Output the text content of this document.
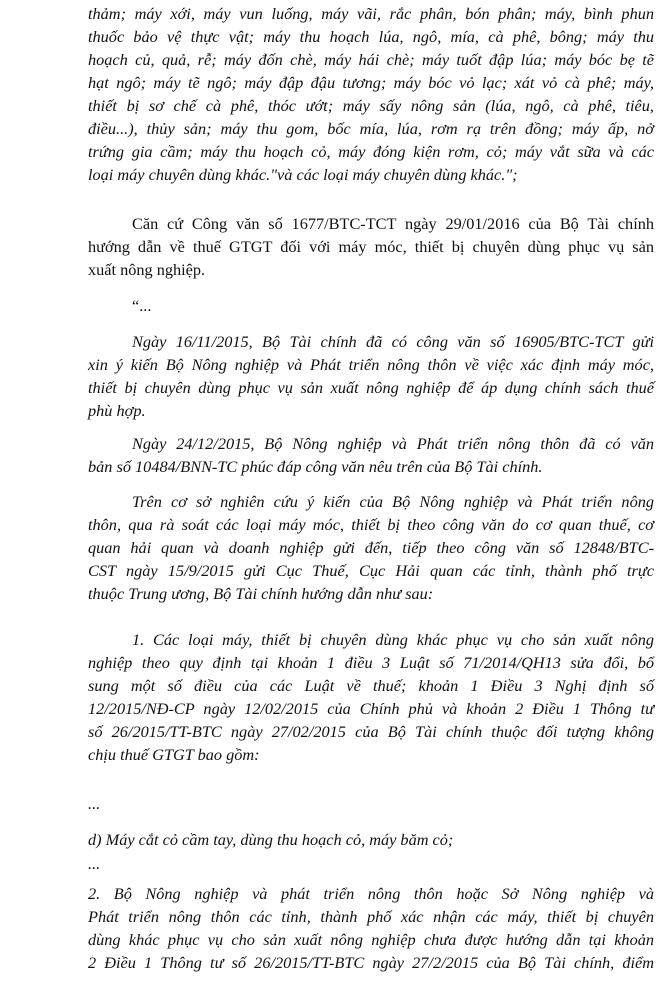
thảm; máy xới, máy vun luống, máy vãi, rắc phân, bón phân; máy, bình phun
thuốc bảo vệ thực vật; máy thu hoạch lúa, ngô, mía, cà phê, bông; máy thu
hoạch củ, quả, rễ; máy đốn chè, máy hái chè; máy tuốt đập lúa; máy bóc bẹ tẽ
hạt ngô; máy tẽ ngô; máy đập đậu tương; máy bóc vỏ lạc; xát vỏ cà phê; máy,
thiết bị sơ chế cà phê, thóc ướt; máy sấy nông sản (lúa, ngô, cà phê, tiêu,
điều...), thủy sản; máy thu gom, bốc mía, lúa, rơm rạ trên đồng; máy ấp, nở
trứng gia cầm; máy thu hoạch cỏ, máy đóng kiện rơm, cỏ; máy vắt sữa và các
loại máy chuyên dùng khác."và các loại máy chuyên dùng khác.";
Căn cứ Công văn số 1677/BTC-TCT ngày 29/01/2016 của Bộ Tài chính
hướng dẫn về thuế GTGT đối với máy móc, thiết bị chuyên dùng phục vụ sản
xuất nông nghiệp.
“...
Ngày 16/11/2015, Bộ Tài chính đã có công văn số 16905/BTC-TCT gửi
xin ý kiến Bộ Nông nghiệp và Phát triển nông thôn về việc xác định máy móc,
thiết bị chuyên dùng phục vụ sản xuất nông nghiệp để áp dụng chính sách thuế
phù hợp.
Ngày 24/12/2015, Bộ Nông nghiệp và Phát triển nông thôn đã có văn
bản số 10484/BNN-TC phúc đáp công văn nêu trên của Bộ Tài chính.
Trên cơ sở nghiên cứu ý kiến của Bộ Nông nghiệp và Phát triển nông
thôn, qua rà soát các loại máy móc, thiết bị theo công văn do cơ quan thuế, cơ
quan hải quan và doanh nghiệp gửi đến, tiếp theo công văn số 12848/BTC-
CST ngày 15/9/2015 gửi Cục Thuế, Cục Hải quan các tỉnh, thành phố trực
thuộc Trung ương, Bộ Tài chính hướng dẫn như sau:
1. Các loại máy, thiết bị chuyên dùng khác phục vụ cho sản xuất nông
nghiệp theo quy định tại khoản 1 điều 3 Luật số 71/2014/QH13 sửa đổi, bổ
sung một số điều của các Luật về thuế; khoản 1 Điều 3 Nghị định số
12/2015/NĐ-CP ngày 12/02/2015 của Chính phủ và khoản 2 Điều 1 Thông tư
số 26/2015/TT-BTC ngày 27/02/2015 của Bộ Tài chính thuộc đối tượng không
chịu thuế GTGT bao gồm:
...
d) Máy cắt cỏ cầm tay, dùng thu hoạch cỏ, máy băm cỏ;
...
2. Bộ Nông nghiệp và phát triển nông thôn hoặc Sở Nông nghiệp và
Phát triển nông thôn các tỉnh, thành phố xác nhận các máy, thiết bị chuyên
dùng khác phục vụ cho sản xuất nông nghiệp chưa được hướng dẫn tại khoản
2 Điều 1 Thông tư số 26/2015/TT-BTC ngày 27/2/2015 của Bộ Tài chính, điểm
